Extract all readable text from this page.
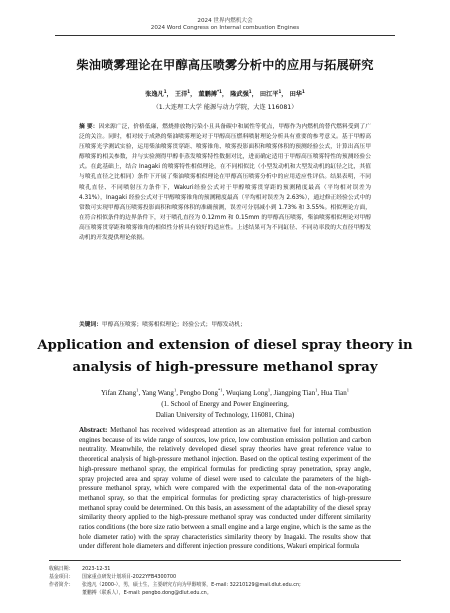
2024 世界内燃机大会
2024 Word Congress on Internal combustion Engines
柴油喷雾理论在甲醇高压喷雾分析中的应用与拓展研究
张逸凡$^1$， 王洋$^1$， 董鹏搏$^{*1}$， 隆武强$^1$， 田江平$^1$， 田华$^1$
（1.大连理工大学 能源与动力学院，大连 116081）
摘 要：因来源广泛，价格低廉，燃烧排放物污染小且具备碳中和属性等优点，甲醇作为内燃机的替代燃料受到了广泛的关注。同时，相对较于成熟的柴油喷雾理论对于甲醇高压燃料喷射理论分析具有重要的参考意义。基于甲醇高压喷雾光学测试实验，运用柴油喷雾贯穿距、喷雾锥角、喷雾投影面积和喷雾体积的预测经验公式，计算出高压甲醇喷雾的相关参数，并与实验测得甲醇非蒸发喷雾特性数据对比，进而确定适用于甲醇高压喷雾特性的预测经验公式。在此基础上，结合 Inagaki 的喷雾特性相似理论，在不同相似比（小型发动机和大型发动机的缸径之比，其值与喷孔直径之比相同）条件下开展了柴油喷雾相似理论在甲醇高压喷雾分析中的应用适应性评估。结果表明，不同喷孔直径、不同喷射压力条件下，Wakuri经验公式对于甲醇喷雾贯穿距的预测精度最高（平均相对误差为 4.31%），Inagaki 经验公式对于甲醇喷雾锥角的预测精度最高（平均相对误差为 2.63%），通过修正经验公式中的常数可实现甲醇高压喷雾投影面积和喷雾体积的准确预测，误差可分别减小到 1.73% 和 3.55%。相似理论方面，在符合相似条件的边界条件下，对于喷孔直径为 0.12mm 和 0.15mm 的甲醇高压喷雾，柴油喷雾相似理论对甲醇高压喷雾贯穿距和喷雾锥角的相似性分析具有较好的适应性。上述结果可为不同缸径、不同功率段的大直径甲醇发动机的开发提供理论依据。
关键词：甲醇高压喷雾；喷雾相似理论；经验公式；甲醇发动机；
Application and extension of diesel spray theory in
analysis of high-pressure methanol spray
Yifan Zhang$^1$, Yang Wang$^1$, Pengbo Dong$^{*1}$, Wuqiang Long$^1$, Jiangping Tian$^1$, Hua Tian$^1$
(1. School of Energy and Power Engineering,
Dalian University of Technology, 116081, China)
Abstract: Methanol has received widespread attention as an alternative fuel for internal combustion engines because of its wide range of sources, low price, low combustion emission pollution and carbon neutrality. Meanwhile, the relatively developed diesel spray theories have great reference value to theoretical analysis of high-pressure methanol injection. Based on the optical testing experiment of the high-pressure methanol spray, the empirical formulas for predicting spray penetration, spray angle, spray projected area and spray volume of diesel were used to calculate the parameters of the high-pressure methanol spray, which were compared with the experimental data of the non-evaporating methanol spray, so that the empirical formulas for predicting spray characteristics of high-pressure methanol spray could be determined. On this basis, an assessment of the adaptability of the diesel spray similarity theory applied to the high-pressure methanol spray was conducted under different similarity ratios conditions (the bore size ratio between a small engine and a large engine, which is the same as the hole diameter ratio) with the spray characteristics similarity theory by Inagaki. The results show that under different hole diameters and different injection pressure conditions, Wakuri empirical formula
收稿日期： 2023-12-31
基金项目： 国家重点研发计划项目-2022YFB4300700
作者简介： 张逸凡（2000-），男，硕士生，主要研究方向为甲醇喷雾，E-mail: 32210129@mail.dlut.edu.cn;
董鹏搏（联系人），E-mail: pengbo.dong@dlut.edu.cn。
